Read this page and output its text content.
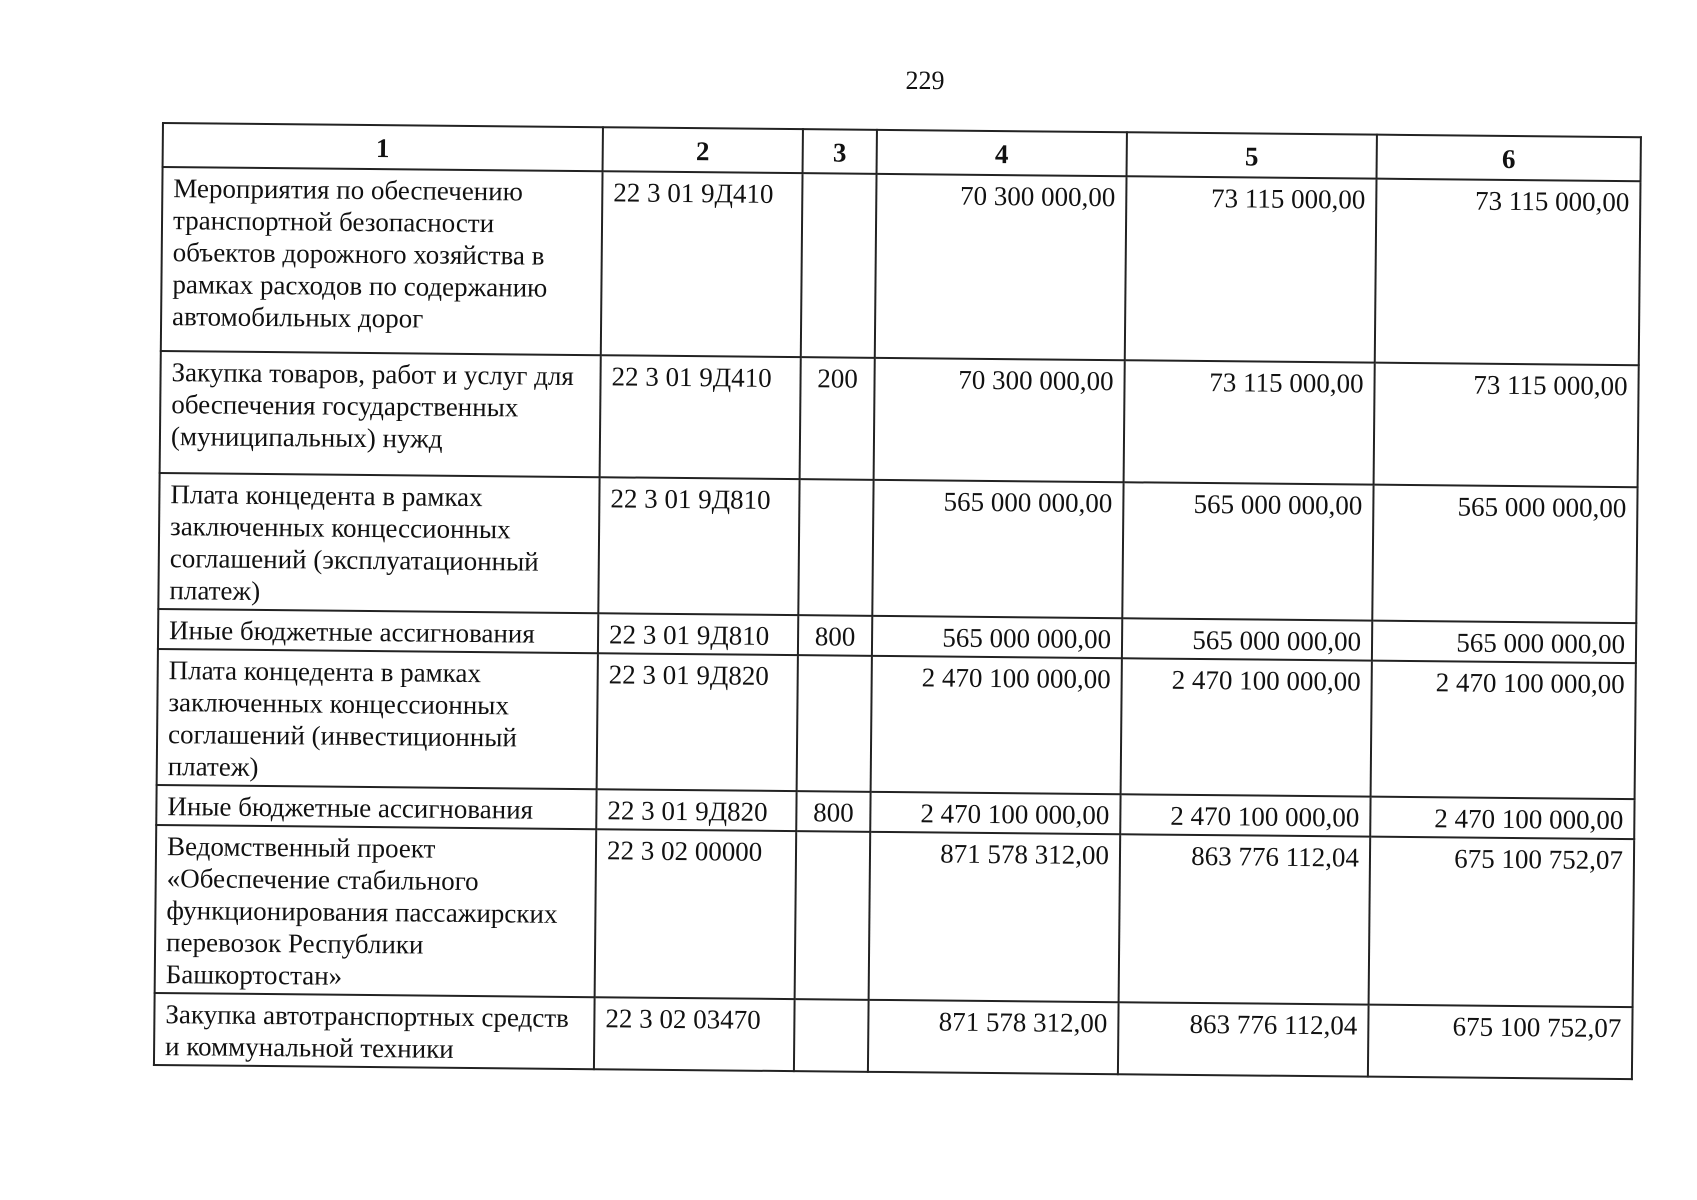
229
1	2	3	4	5	6
Мероприятия по обеспечению транспортной безопасности объектов дорожного хозяйства в рамках расходов по содержанию автомобильных дорог	22 3 01 9Д410		70 300 000,00	73 115 000,00	73 115 000,00
Закупка товаров, работ и услуг для обеспечения государственных (муниципальных) нужд	22 3 01 9Д410	200	70 300 000,00	73 115 000,00	73 115 000,00
Плата концедента в рамках заключенных концессионных соглашений (эксплуатационный платеж)	22 3 01 9Д810		565 000 000,00	565 000 000,00	565 000 000,00
Иные бюджетные ассигнования	22 3 01 9Д810	800	565 000 000,00	565 000 000,00	565 000 000,00
Плата концедента в рамках заключенных концессионных соглашений (инвестиционный платеж)	22 3 01 9Д820		2 470 100 000,00	2 470 100 000,00	2 470 100 000,00
Иные бюджетные ассигнования	22 3 01 9Д820	800	2 470 100 000,00	2 470 100 000,00	2 470 100 000,00
Ведомственный проект «Обеспечение стабильного функционирования пассажирских перевозок Республики Башкортостан»	22 3 02 00000		871 578 312,00	863 776 112,04	675 100 752,07
Закупка автотранспортных средств и коммунальной техники	22 3 02 03470		871 578 312,00	863 776 112,04	675 100 752,07
